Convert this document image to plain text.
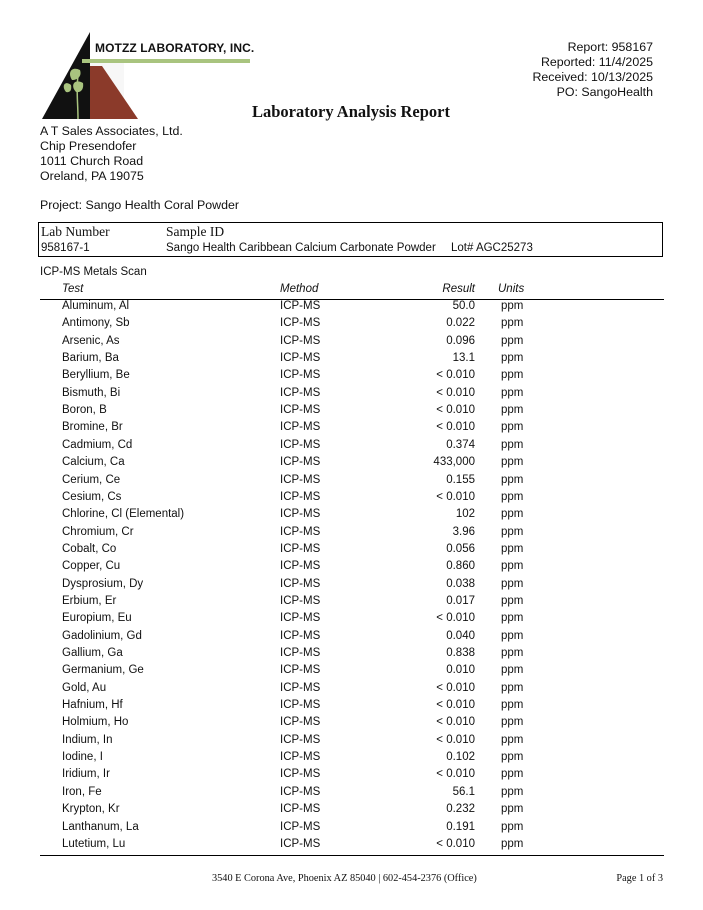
MOTZZ LABORATORY, INC.	Report: 958167
Reported: 11/4/2025
Received: 10/13/2025
PO: SangoHealth
Laboratory Analysis Report
A T Sales Associates, Ltd.
Chip Presendofer
1011 Church Road
Oreland, PA 19075
Project: Sango Health Coral Powder
Lab Number	Sample ID
958167-1	Sango Health Caribbean Calcium Carbonate Powder Lot# AGC25273
ICP-MS Metals Scan
Test	Method	Result Units
Aluminum, Al	ICP-MS	50.0 ppm
Antimony, Sb	ICP-MS	0.022 ppm
Arsenic, As	ICP-MS	0.096 ppm
Barium, Ba	ICP-MS	13.1 ppm
Beryllium, Be	ICP-MS	< 0.010 ppm
Bismuth, Bi	ICP-MS	< 0.010 ppm
Boron, B	ICP-MS	< 0.010 ppm
Bromine, Br	ICP-MS	< 0.010 ppm
Cadmium, Cd	ICP-MS	0.374 ppm
Calcium, Ca	ICP-MS	433,000 ppm
Cerium, Ce	ICP-MS	0.155 ppm
Cesium, Cs	ICP-MS	< 0.010 ppm
Chlorine, Cl (Elemental)	ICP-MS	102 ppm
Chromium, Cr	ICP-MS	3.96 ppm
Cobalt, Co	ICP-MS	0.056 ppm
Copper, Cu	ICP-MS	0.860 ppm
Dysprosium, Dy	ICP-MS	0.038 ppm
Erbium, Er	ICP-MS	0.017 ppm
Europium, Eu	ICP-MS	< 0.010 ppm
Gadolinium, Gd	ICP-MS	0.040 ppm
Gallium, Ga	ICP-MS	0.838 ppm
Germanium, Ge	ICP-MS	0.010 ppm
Gold, Au	ICP-MS	< 0.010 ppm
Hafnium, Hf	ICP-MS	< 0.010 ppm
Holmium, Ho	ICP-MS	< 0.010 ppm
Indium, In	ICP-MS	< 0.010 ppm
Iodine, I	ICP-MS	0.102 ppm
Iridium, Ir	ICP-MS	< 0.010 ppm
Iron, Fe	ICP-MS	56.1 ppm
Krypton, Kr	ICP-MS	0.232 ppm
Lanthanum, La	ICP-MS	0.191 ppm
Lutetium, Lu	ICP-MS	< 0.010 ppm
3540 E Corona Ave, Phoenix AZ 85040 | 602-454-2376 (Office)	Page 1 of 3
